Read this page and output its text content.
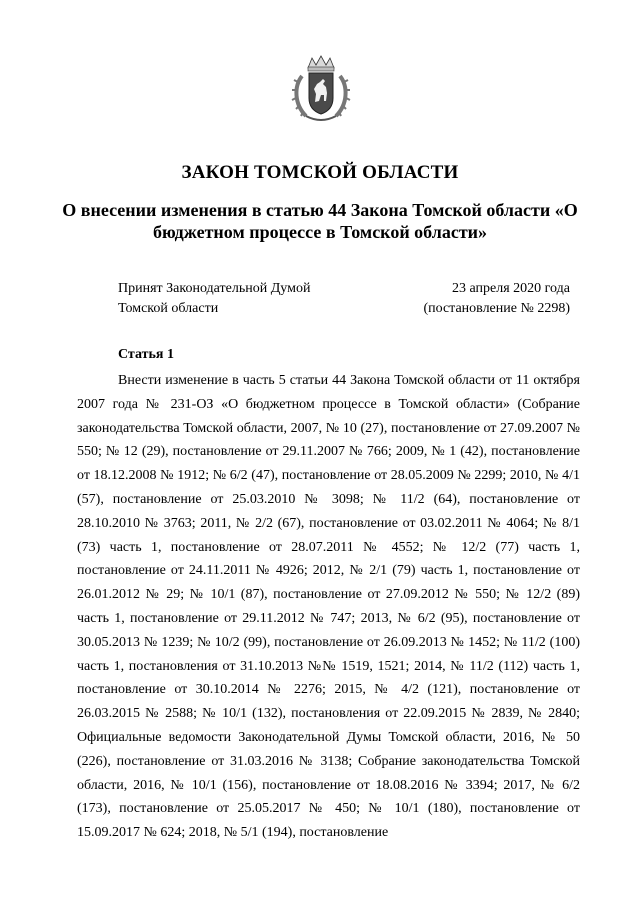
ЗАКОН ТОМСКОЙ ОБЛАСТИ
О внесении изменения в статью 44 Закона Томской области «О бюджетном процессе в Томской области»
Принят Законодательной Думой
Томской области
23 апреля 2020 года
(постановление № 2298)
Статья 1

Внести изменение в часть 5 статьи 44 Закона Томской области от 11 октября 2007 года № 231-ОЗ «О бюджетном процессе в Томской области» (Собрание законодательства Томской области, 2007, № 10 (27), постановление от 27.09.2007 № 550; № 12 (29), постановление от 29.11.2007 № 766; 2009, № 1 (42), постановление от 18.12.2008 № 1912; № 6/2 (47), постановление от 28.05.2009 № 2299; 2010, № 4/1 (57), постановление от 25.03.2010 № 3098; № 11/2 (64), постановление от 28.10.2010 № 3763; 2011, № 2/2 (67), постановление от 03.02.2011 № 4064; № 8/1 (73) часть 1, постановление от 28.07.2011 № 4552; № 12/2 (77) часть 1, постановление от 24.11.2011 № 4926; 2012, № 2/1 (79) часть 1, постановление от 26.01.2012 № 29; № 10/1 (87), постановление от 27.09.2012 № 550; № 12/2 (89) часть 1, постановление от 29.11.2012 № 747; 2013, № 6/2 (95), постановление от 30.05.2013 № 1239; № 10/2 (99), постановление от 26.09.2013 № 1452; № 11/2 (100) часть 1, постановления от 31.10.2013 №№ 1519, 1521; 2014, № 11/2 (112) часть 1, постановление от 30.10.2014 № 2276; 2015, № 4/2 (121), постановление от 26.03.2015 № 2588; № 10/1 (132), постановления от 22.09.2015 № 2839, № 2840; Официальные ведомости Законодательной Думы Томской области, 2016, № 50 (226), постановление от 31.03.2016 № 3138; Собрание законодательства Томской области, 2016, № 10/1 (156), постановление от 18.08.2016 № 3394; 2017, № 6/2 (173), постановление от 25.05.2017 № 450; № 10/1 (180), постановление от 15.09.2017 № 624; 2018, № 5/1 (194), постановление
